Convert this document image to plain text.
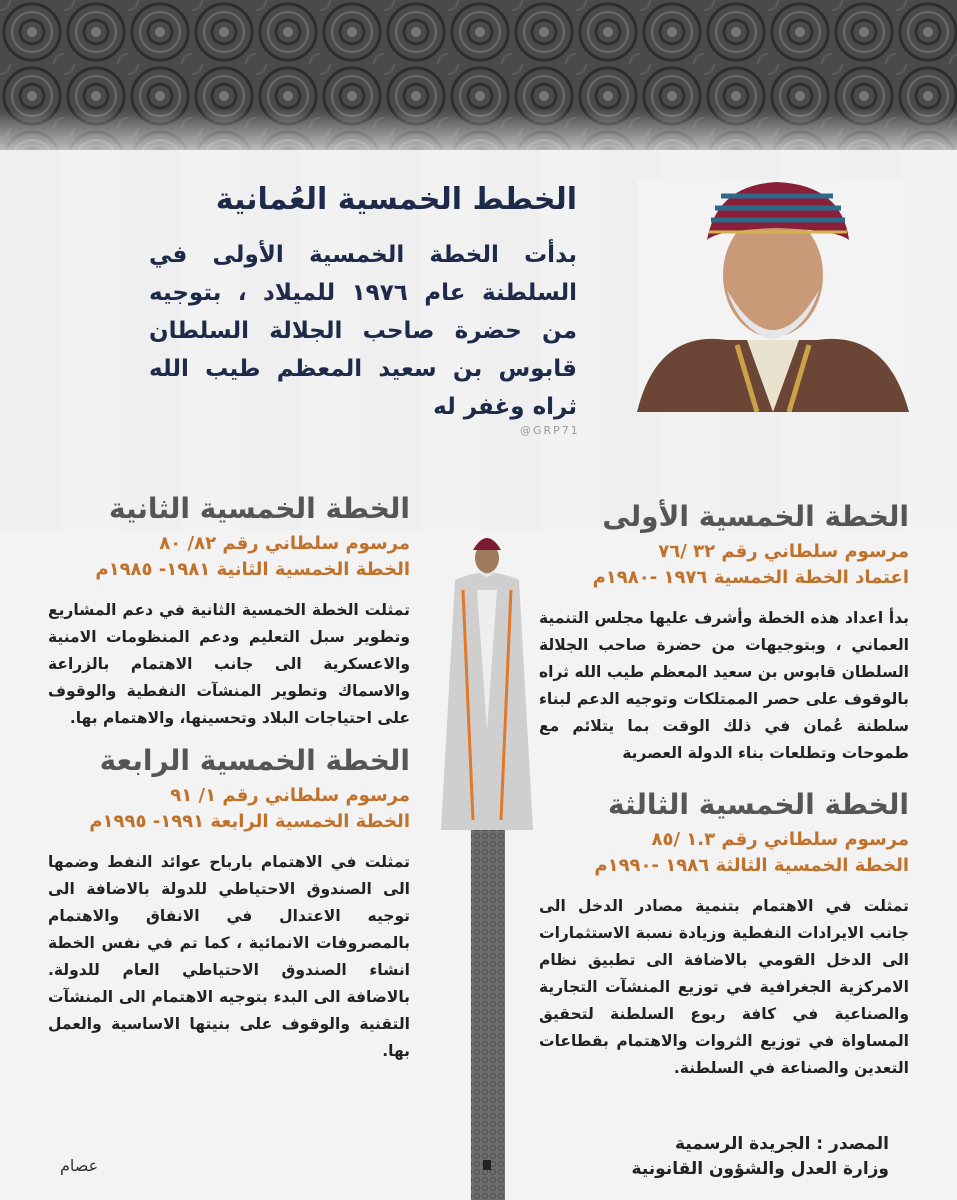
@GRP71
الخطط الخمسية العُمانية

بدأت الخطة الخمسية الأولى في السلطنة عام ١٩٧٦ للميلاد ، بتوجيه من حضرة صاحب الجلالة السلطان قابوس بن سعيد المعظم طيب الله ثراه وغفر له

الخطة الخمسية الأولى

مرسوم سلطاني رقم ٣٢ /٧٦

اعتماد الخطة الخمسية ١٩٧٦ -١٩٨٠م

بدأ اعداد هذه الخطة وأشرف عليها مجلس التنمية العماني ، وبتوجيهات من حضرة صاحب الجلالة السلطان قابوس بن سعيد المعظم طيب الله ثراه بالوقوف على حصر الممتلكات وتوجيه الدعم لبناء سلطنة عُمان في ذلك الوقت بما يتلائم مع طموحات وتطلعات بناء الدولة العصرية

الخطة الخمسية الثالثة

مرسوم سلطاني رقم ١.٣ /٨٥

الخطة الخمسية الثالثة ١٩٨٦ -١٩٩٠م

تمثلت في الاهتمام بتنمية مصادر الدخل الى جانب الايرادات النفطية وزيادة نسبة الاستثمارات الى الدخل القومي بالاضافة الى تطبيق نظام الامركزية الجغرافية في توزيع المنشآت التجارية والصناعية في كافة ربوع السلطنة لتحقيق المساواة في توزيع الثروات والاهتمام بقطاعات التعدين والصناعة في السلطنة.

الخطة الخمسية الثانية

مرسوم سلطاني رقم ٨٢/ ٨٠

الخطة الخمسية الثانية ١٩٨١- ١٩٨٥م

تمثلت الخطة الخمسية الثانية في دعم المشاريع وتطوير سبل التعليم ودعم المنظومات الامنية والاعسكرية الى جانب الاهتمام بالزراعة والاسماك وتطوير المنشآت النفطية والوقوف على احتياجات البلاد وتحسينها، والاهتمام بها.

الخطة الخمسية الرابعة

مرسوم سلطاني رقم ١/ ٩١

الخطة الخمسية الرابعة ١٩٩١- ١٩٩٥م

تمثلت في الاهتمام بارباح عوائد النفط وضمها الى الصندوق الاحتياطي للدولة بالاضافة الى توجيه الاعتدال في الانفاق والاهتمام بالمصروفات الانمائية ، كما تم في نفس الخطة انشاء الصندوق الاحتياطي العام للدولة. بالاضافة الى البدء بتوجيه الاهتمام الى المنشآت التقنية والوقوف على بنيتها الاساسية والعمل بها.

المصدر : الجريدة الرسمية
وزارة العدل والشؤون القانونية
عصام
